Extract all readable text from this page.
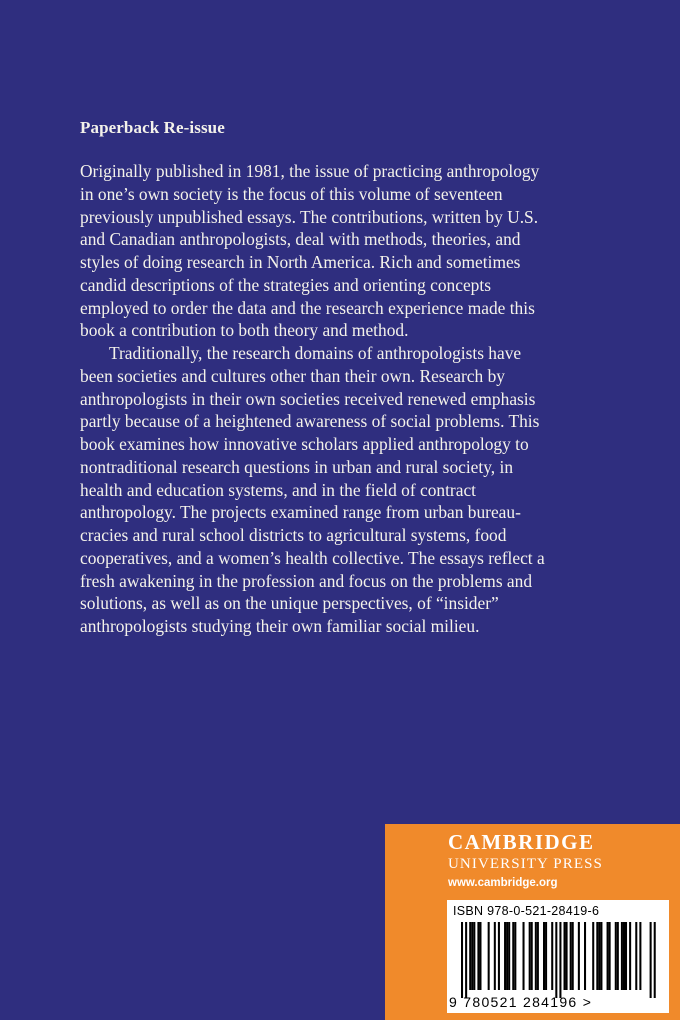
Paperback Re-issue

Originally published in 1981, the issue of practicing anthropology
in one’s own society is the focus of this volume of seventeen
previously unpublished essays. The contributions, written by U.S.
and Canadian anthropologists, deal with methods, theories, and
styles of doing research in North America. Rich and sometimes
candid descriptions of the strategies and orienting concepts
employed to order the data and the research experience made this
book a contribution to both theory and method.

Traditionally, the research domains of anthropologists have
been societies and cultures other than their own. Research by
anthropologists in their own societies received renewed emphasis
partly because of a heightened awareness of social problems. This
book examines how innovative scholars applied anthropology to
nontraditional research questions in urban and rural society, in
health and education systems, and in the field of contract
anthropology. The projects examined range from urban bureau-
cracies and rural school districts to agricultural systems, food
cooperatives, and a women’s health collective. The essays reflect a
fresh awakening in the profession and focus on the problems and
solutions, as well as on the unique perspectives, of “insider”
anthropologists studying their own familiar social milieu.

CAMBRIDGE
UNIVERSITY PRESS
www.cambridge.org
ISBN 978-0-521-28419-6
9 780521 284196 >
